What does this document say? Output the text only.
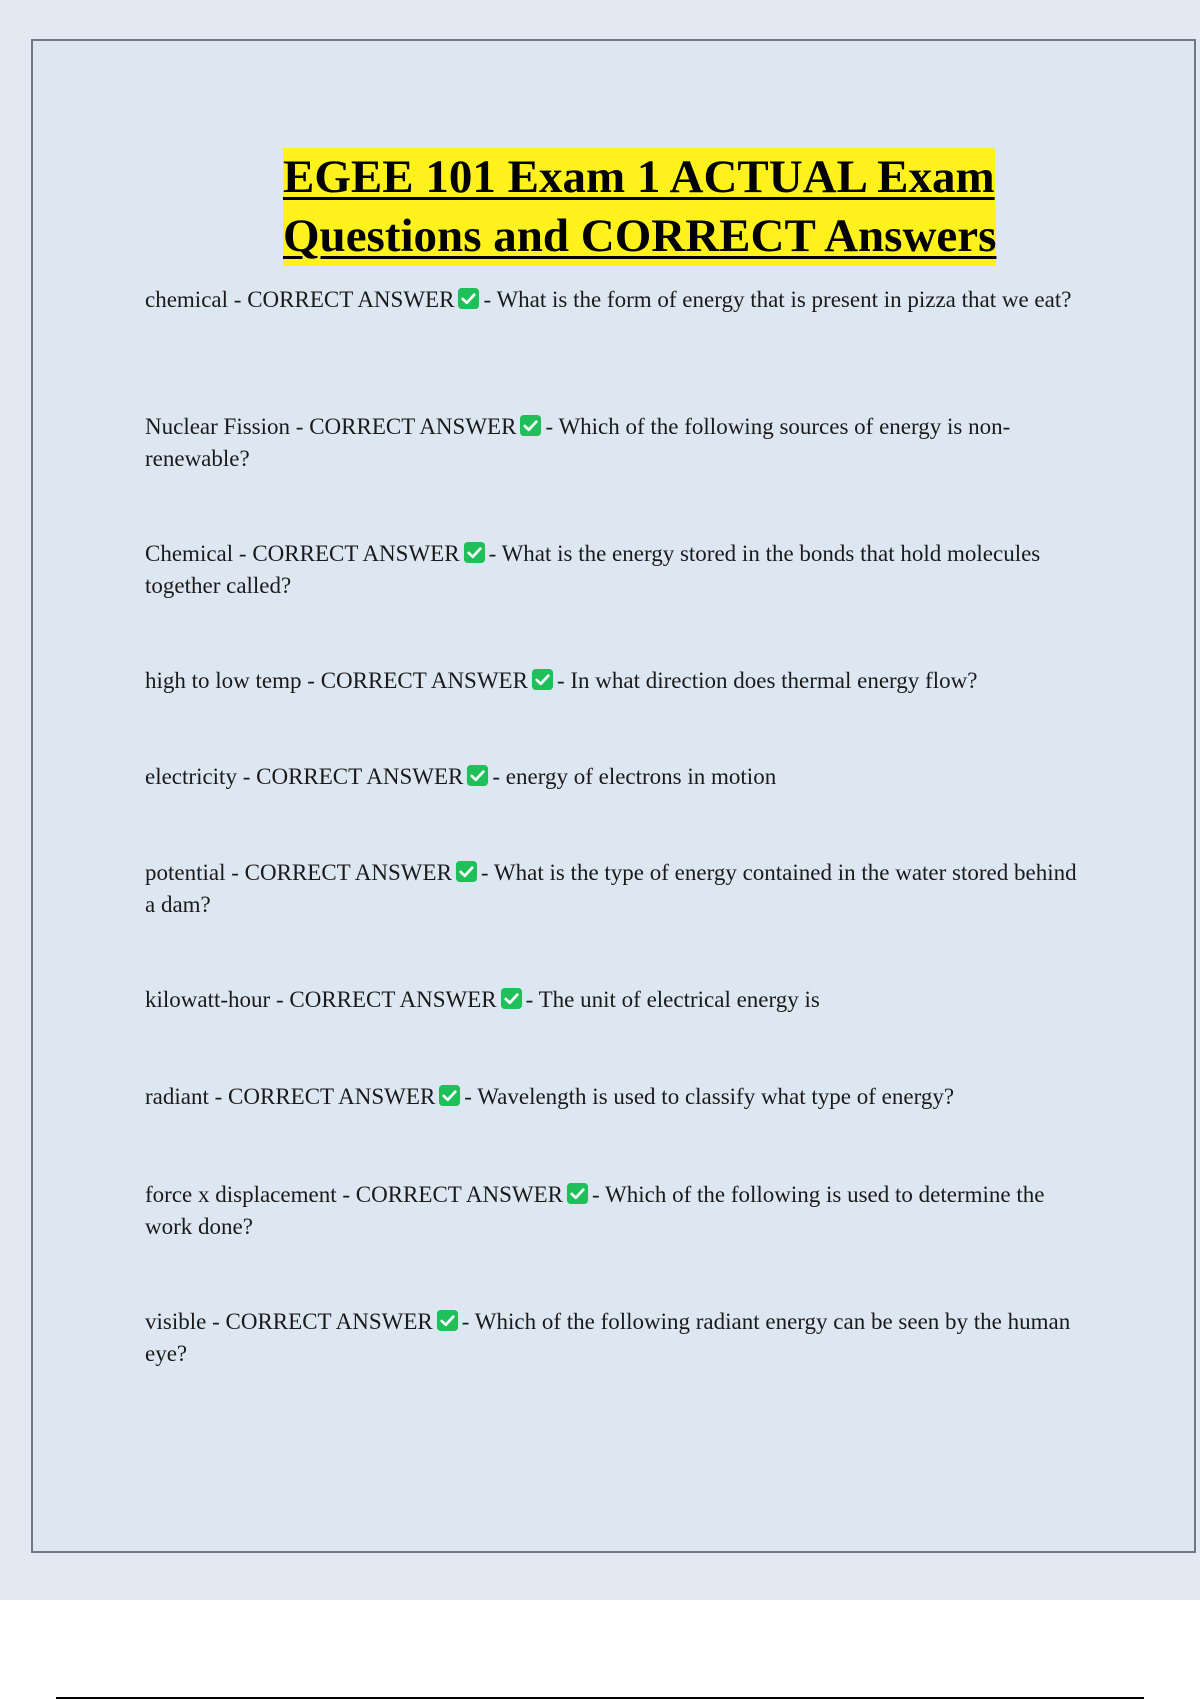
EGEE 101 Exam 1 ACTUAL Exam
Questions and CORRECT Answers
chemical - CORRECT ANSWER - What is the form of energy that is present in pizza that we eat?
Nuclear Fission - CORRECT ANSWER - Which of the following sources of energy is non-renewable?
Chemical - CORRECT ANSWER - What is the energy stored in the bonds that hold molecules together called?
high to low temp - CORRECT ANSWER - In what direction does thermal energy flow?
electricity - CORRECT ANSWER - energy of electrons in motion
potential - CORRECT ANSWER - What is the type of energy contained in the water stored behind a dam?
kilowatt-hour - CORRECT ANSWER - The unit of electrical energy is
radiant - CORRECT ANSWER - Wavelength is used to classify what type of energy?
force x displacement - CORRECT ANSWER - Which of the following is used to determine the work done?
visible - CORRECT ANSWER - Which of the following radiant energy can be seen by the human eye?
